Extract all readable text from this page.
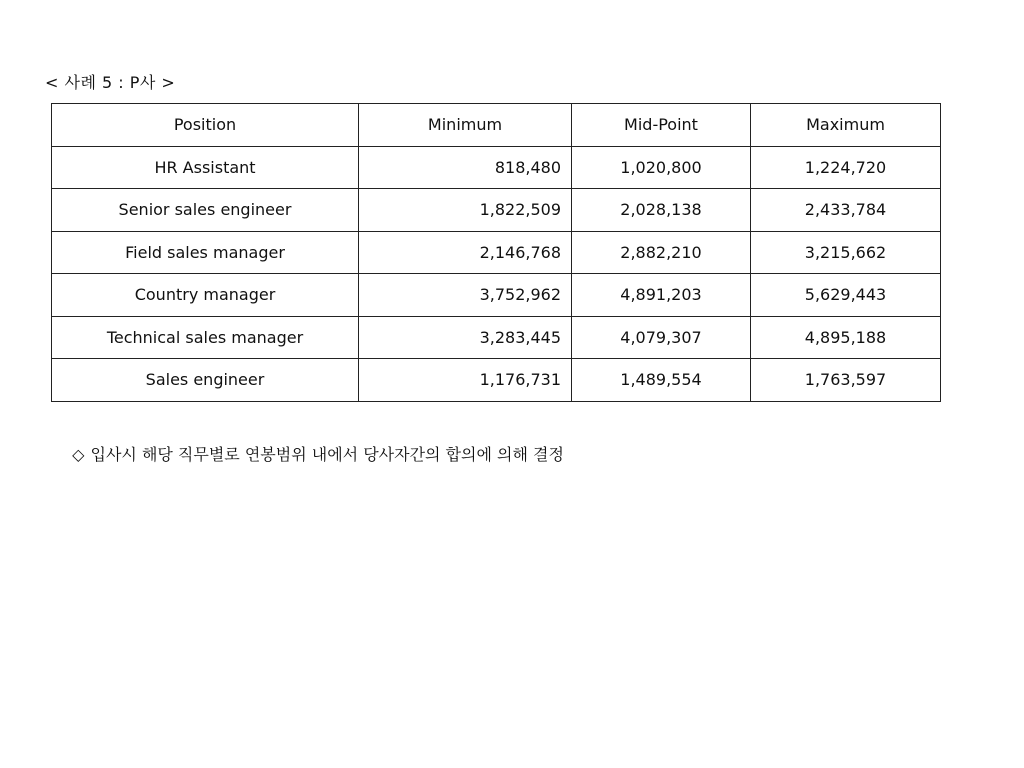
< 사례 5 : P사 >
Position	Minimum	Mid-Point	Maximum
HR Assistant	818,480	1,020,800	1,224,720
Senior sales engineer	1,822,509	2,028,138	2,433,784
Field sales manager	2,146,768	2,882,210	3,215,662
Country manager	3,752,962	4,891,203	5,629,443
Technical sales manager	3,283,445	4,079,307	4,895,188
Sales engineer	1,176,731	1,489,554	1,763,597

◇ 입사시 해당 직무별로 연봉범위 내에서 당사자간의 합의에 의해 결정
